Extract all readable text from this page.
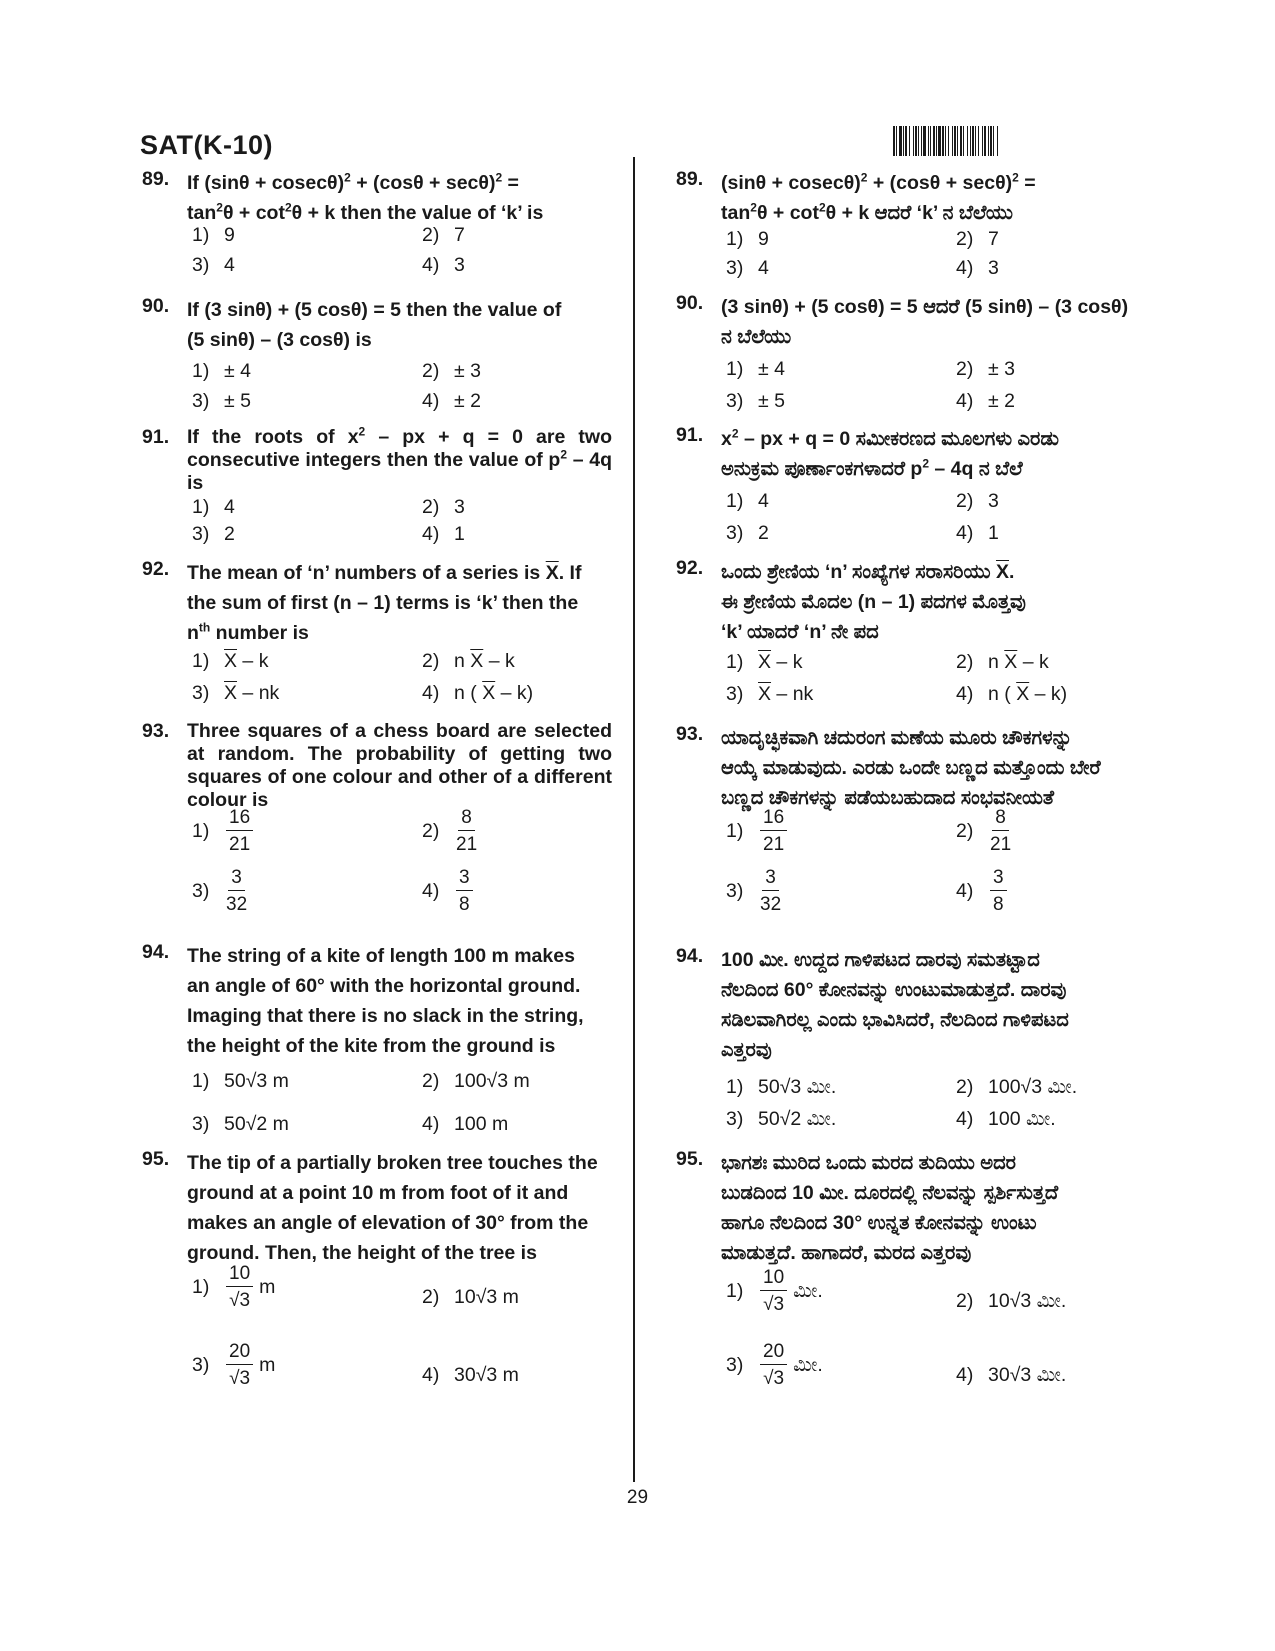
SAT(K-10)
89. If $(\sin\theta + cosec\theta)^2 + (\cos\theta + \sec\theta)^2$ =
$\tan^2\theta + \cot^2\theta + k$ then the value of ‘k’ is
1) 9	2) 7
3) 4	4) 3
90. If (3 sinθ) + (5 cosθ) = 5 then the value of
(5 sinθ) – (3 cosθ) is
1) ± 4	2) ± 3
3) ± 5	4) ± 2
91. If the roots of $x^2$ – px + q = 0 are two consecutive integers then the value of $p^2 - 4q$ is
1) 4	2) 3
3) 2	4) 1
92. The mean of ‘n’ numbers of a series is $\overline{X}$. If
the sum of first (n – 1) terms is ‘k’ then the
$n^{th}$ number is
1) $\overline{X}$ – k	2) n $\overline{X}$ – k
3) $\overline{X}$ – nk	4) n ( $\overline{X} - k$)
93. Three squares of a chess board are selected at random. The probability of getting two squares of one colour and other of a different colour is
$1) \frac{16}{21}$	$2) \frac{8}{21}$
$3) \frac{3}{32}$	$4) \frac{3}{8}$
94. The string of a kite of length 100 m makes
an angle of 60° with the horizontal ground.
Imaging that there is no slack in the string,
the height of the kite from the ground is
1) 50√3 m	2) 100√3 m
3) 50√2 m	4) 100 m
95. The tip of a partially broken tree touches the
ground at a point 10 m from foot of it and
makes an angle of elevation of 30° from the
ground. Then, the height of the tree is
$1) \frac{10}{√3}$ m	2) 10√3 m
$3) \frac{20}{√3}$ m	4) 30√3 m
89. $(\sin\theta + cosec\theta)^2 + (\cos\theta + \sec\theta)^2$ =
$\tan^2\theta + \cot^2\theta + k$ ಆದರೆ ‘k’ ನ ಬೆಲೆಯು
1) 9	2) 7
3) 4	4) 3
90. (3 sinθ) + (5 cosθ) = 5 ಆದರೆ (5 sinθ) – (3 cosθ)
ನ ಬೆಲೆಯು
1) ± 4	2) ± 3
3) ± 5	4) ± 2
91. $x^2$ – px + q = 0 ಸಮೀಕರಣದ ಮೂಲಗಳು ಎರಡು
ಅನುಕ್ರಮ ಪೂರ್ಣಾಂಕಗಳಾದರೆ $p^2 - 4q$ ನ ಬೆಲೆ
1) 4	2) 3
3) 2	4) 1
92. ಒಂದು ಶ್ರೇಣಿಯ ‘n’ ಸಂಖ್ಯೆಗಳ ಸರಾಸರಿಯು $\overline{X}$.
ಈ ಶ್ರೇಣಿಯ ಮೊದಲ (n – 1) ಪದಗಳ ಮೊತ್ತವು
‘k’ ಯಾದರೆ ‘n’ ನೇ ಪದ
1) $\overline{X}$ – k	2) n $\overline{X}$ – k
3) $\overline{X}$ – nk	4) n ( $\overline{X} - k$)
93. ಯಾದೃಚ್ಛಿಕವಾಗಿ ಚದುರಂಗ ಮಣೆಯ ಮೂರು ಚೌಕಗಳನ್ನು
ಆಯ್ಕೆ ಮಾಡುವುದು. ಎರಡು ಒಂದೇ ಬಣ್ಣದ ಮತ್ತೊಂದು ಬೇರೆ
ಬಣ್ಣದ ಚೌಕಗಳನ್ನು ಪಡೆಯಬಹುದಾದ ಸಂಭವನೀಯತೆ
$1) \frac{16}{21}$	$2) \frac{8}{21}$
$3) \frac{3}{32}$	$4) \frac{3}{8}$
94. 100 ಮೀ. ಉದ್ದದ ಗಾಳಿಪಟದ ದಾರವು ಸಮತಟ್ಟಾದ
ನೆಲದಿಂದ 60° ಕೋನವನ್ನು ಉಂಟುಮಾಡುತ್ತದೆ. ದಾರವು
ಸಡಿಲವಾಗಿರಲ್ಲ ಎಂದು ಭಾವಿಸಿದರೆ, ನೆಲದಿಂದ ಗಾಳಿಪಟದ
ಎತ್ತರವು
1) 50√3 ಮೀ.	2) 100√3 ಮೀ.
3) 50√2 ಮೀ.	4) 100 ಮೀ.
95. ಭಾಗಶಃ ಮುರಿದ ಒಂದು ಮರದ ತುದಿಯು ಅದರ
ಬುಡದಿಂದ 10 ಮೀ. ದೂರದಲ್ಲಿ ನೆಲವನ್ನು ಸ್ಪರ್ಶಿಸುತ್ತದೆ
ಹಾಗೂ ನೆಲದಿಂದ 30° ಉನ್ನತ ಕೋನವನ್ನು ಉಂಟು
ಮಾಡುತ್ತದೆ. ಹಾಗಾದರೆ, ಮರದ ಎತ್ತರವು
$1) \frac{10}{√3}$ ಮೀ.	2) 10√3 ಮೀ.
$3) \frac{20}{√3}$ ಮೀ.	4) 30√3 ಮೀ.
29
